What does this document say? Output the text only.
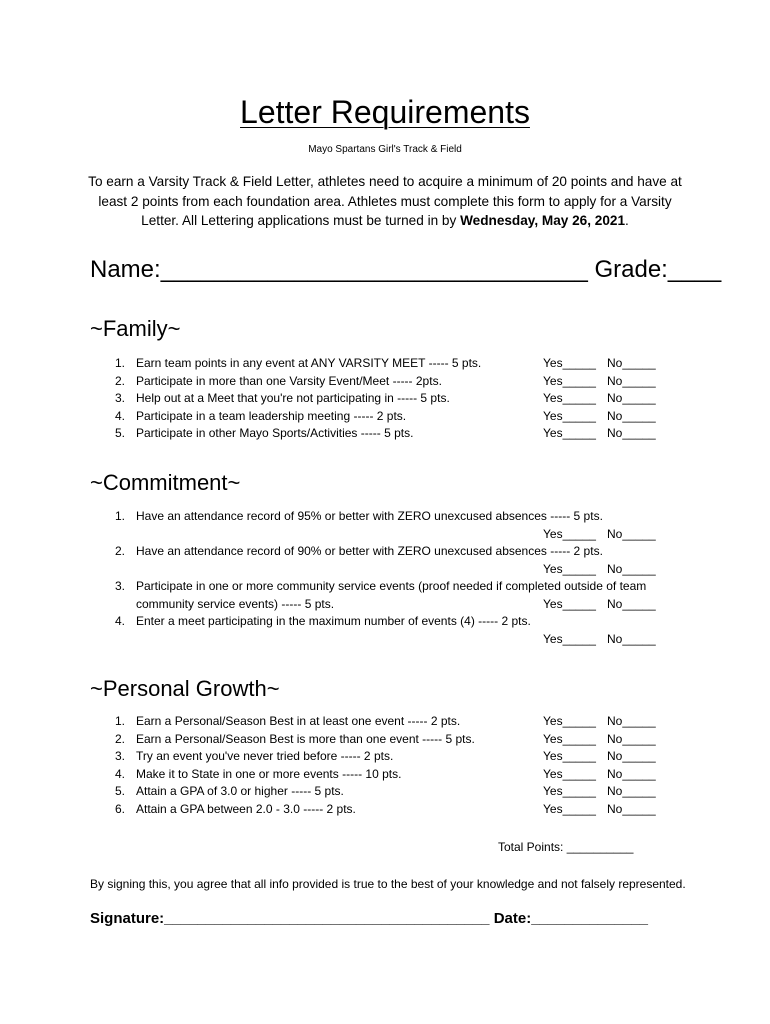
Letter Requirements
Mayo Spartans Girl's Track & Field
To earn a Varsity Track & Field Letter, athletes need to acquire a minimum of 20 points and have at least 2 points from each foundation area. Athletes must complete this form to apply for a Varsity Letter. All Lettering applications must be turned in by Wednesday, May 26, 2021.
Name:________________________________ Grade:____
~Family~
1. Earn team points in any event at ANY VARSITY MEET ----- 5 pts.	Yes_____ No_____
2. Participate in more than one Varsity Event/Meet ----- 2pts.	Yes_____ No_____
3. Help out at a Meet that you're not participating in ----- 5 pts.	Yes_____ No_____
4. Participate in a team leadership meeting ----- 2 pts.	Yes_____ No_____
5. Participate in other Mayo Sports/Activities ----- 5 pts.	Yes_____ No_____
~Commitment~
1. Have an attendance record of 95% or better with ZERO unexcused absences ----- 5 pts.
Yes_____ No_____
2. Have an attendance record of 90% or better with ZERO unexcused absences ----- 2 pts.
Yes_____ No_____
3. Participate in one or more community service events (proof needed if completed outside of team
community service events) ----- 5 pts.	Yes_____ No_____
4. Enter a meet participating in the maximum number of events (4) ----- 2 pts.
Yes_____ No_____
~Personal Growth~
1. Earn a Personal/Season Best in at least one event ----- 2 pts.	Yes_____ No_____
2. Earn a Personal/Season Best is more than one event ----- 5 pts.	Yes_____ No_____
3. Try an event you've never tried before ----- 2 pts.	Yes_____ No_____
4. Make it to State in one or more events ----- 10 pts.	Yes_____ No_____
5. Attain a GPA of 3.0 or higher ----- 5 pts.	Yes_____ No_____
6. Attain a GPA between 2.0 - 3.0 ----- 2 pts.	Yes_____ No_____
Total Points: __________
By signing this, you agree that all info provided is true to the best of your knowledge and not falsely represented.
Signature:_______________________________________ Date:______________
